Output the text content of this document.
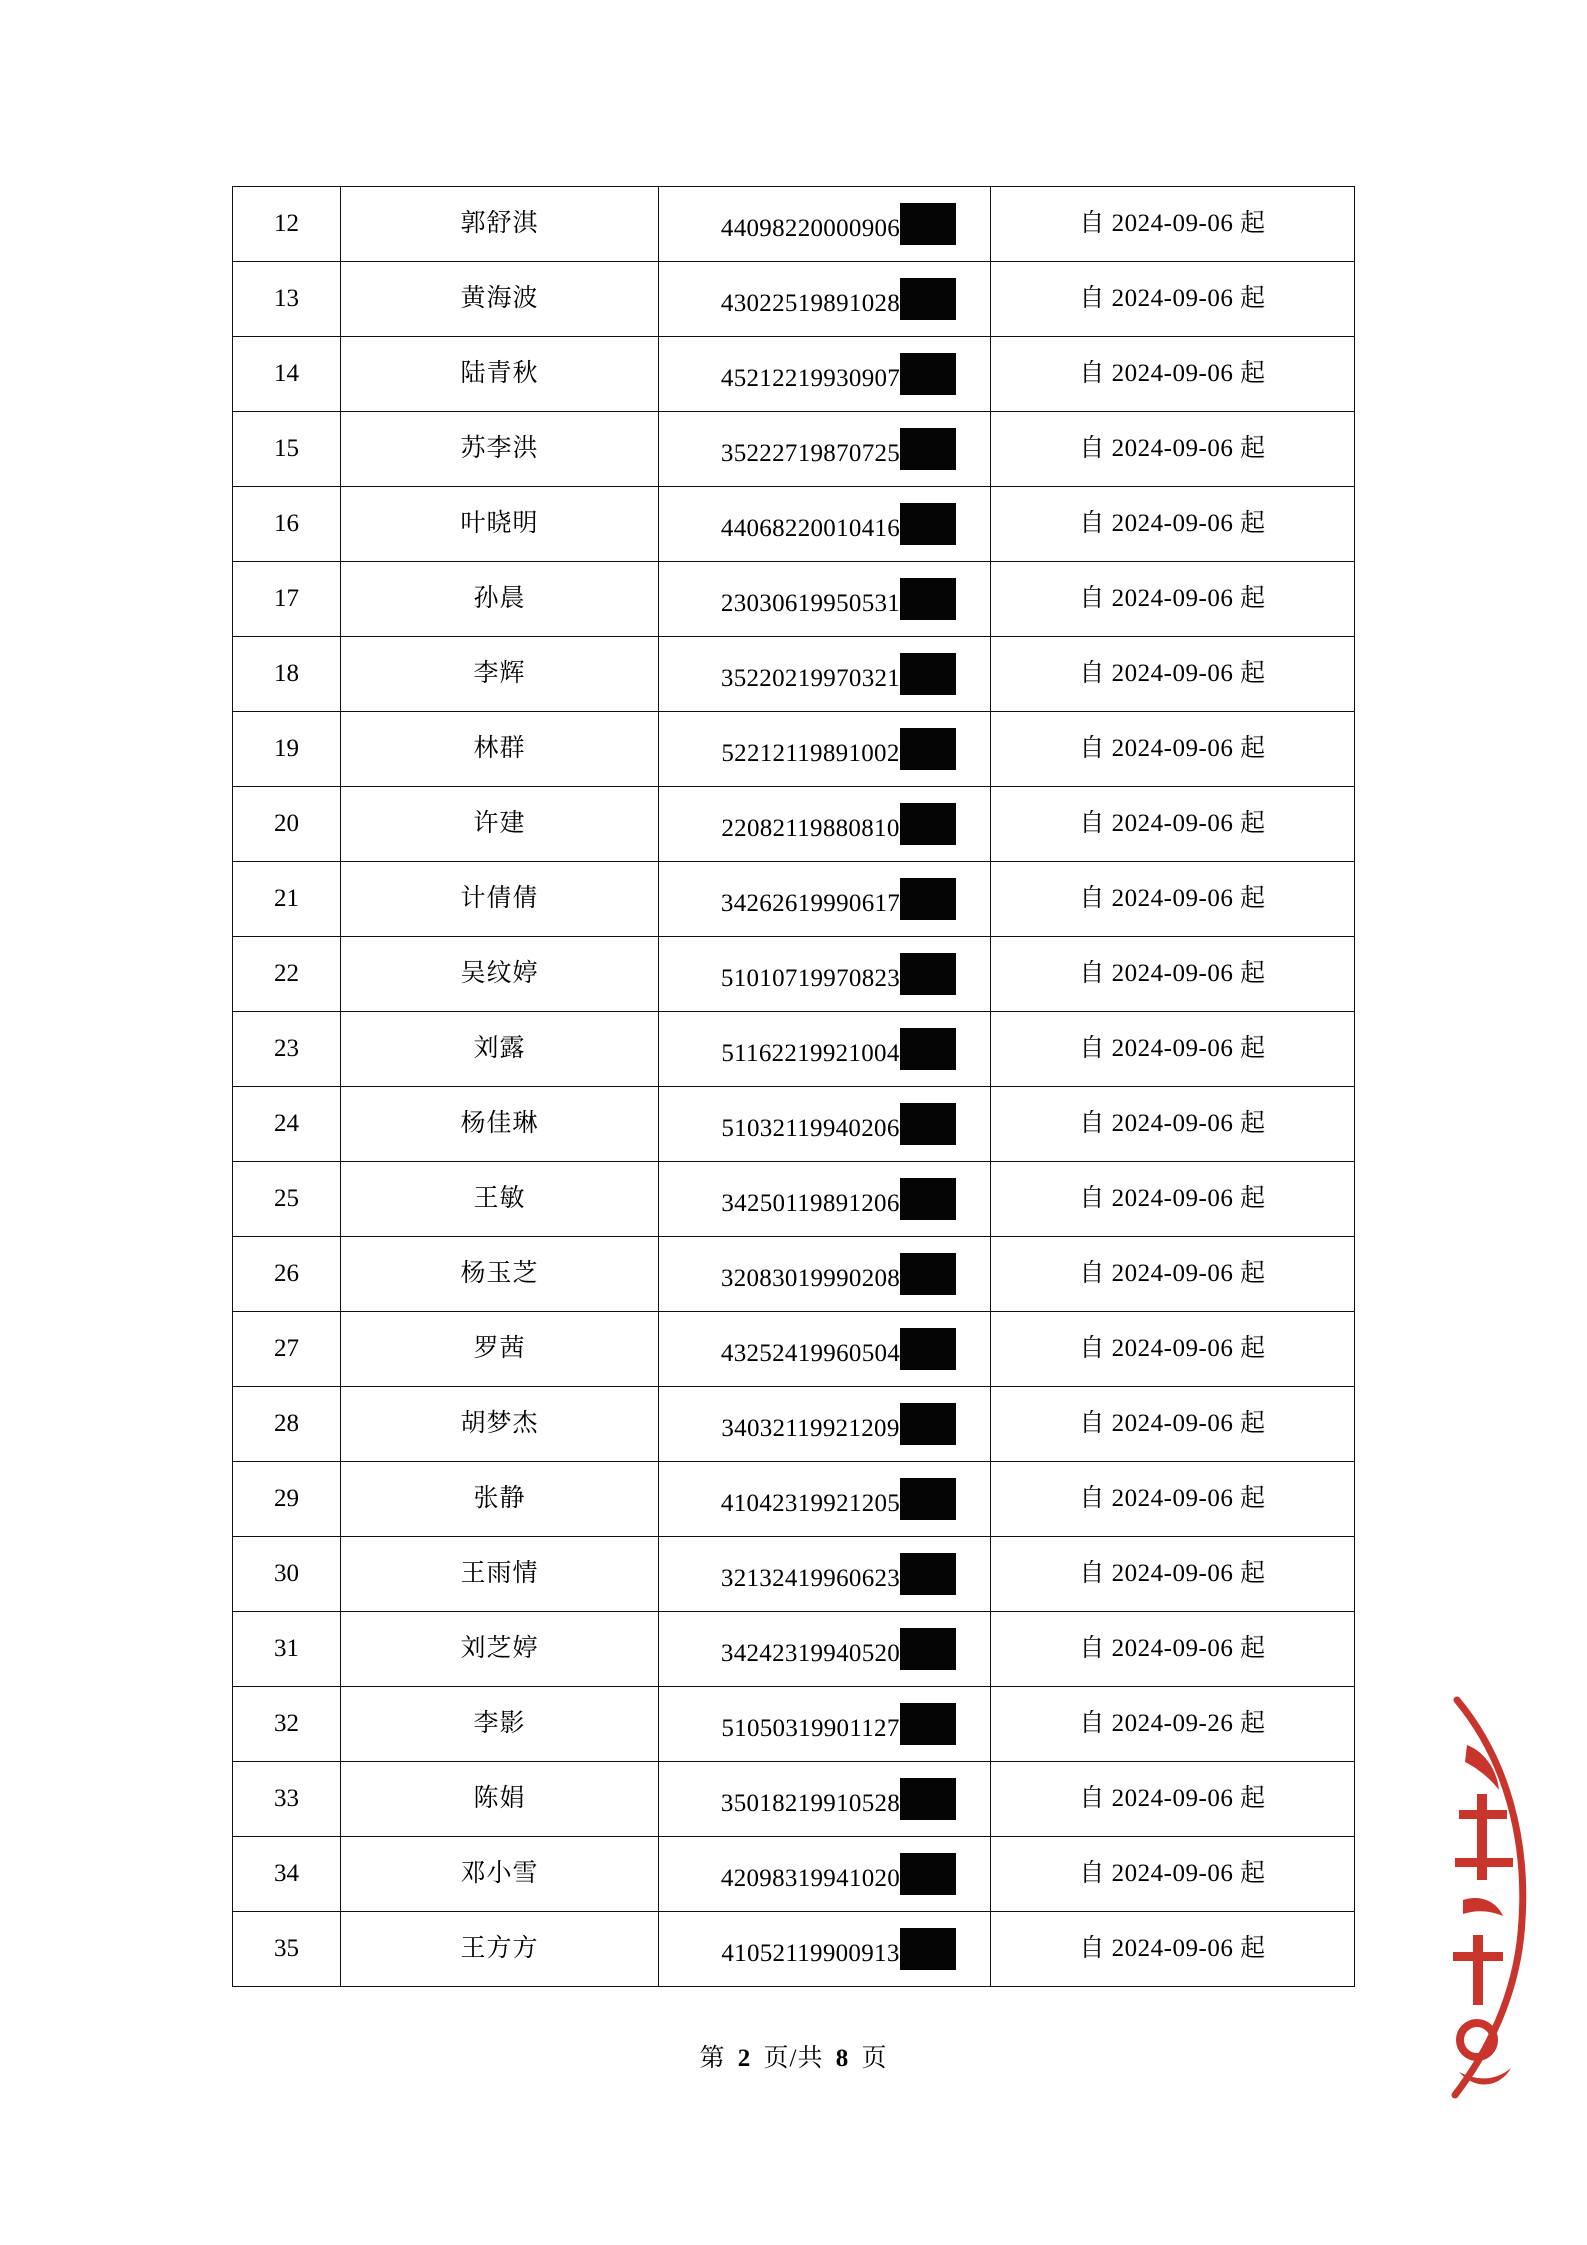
12	郭舒淇	44098220000906	自 2024-09-06 起
13	黄海波	43022519891028	自 2024-09-06 起
14	陆青秋	45212219930907	自 2024-09-06 起
15	苏李洪	35222719870725	自 2024-09-06 起
16	叶晓明	44068220010416	自 2024-09-06 起
17	孙晨	23030619950531	自 2024-09-06 起
18	李辉	35220219970321	自 2024-09-06 起
19	林群	52212119891002	自 2024-09-06 起
20	许建	22082119880810	自 2024-09-06 起
21	计倩倩	34262619990617	自 2024-09-06 起
22	吴纹婷	51010719970823	自 2024-09-06 起
23	刘露	51162219921004	自 2024-09-06 起
24	杨佳琳	51032119940206	自 2024-09-06 起
25	王敏	34250119891206	自 2024-09-06 起
26	杨玉芝	32083019990208	自 2024-09-06 起
27	罗茜	43252419960504	自 2024-09-06 起
28	胡梦杰	34032119921209	自 2024-09-06 起
29	张静	41042319921205	自 2024-09-06 起
30	王雨情	32132419960623	自 2024-09-06 起
31	刘芝婷	34242319940520	自 2024-09-06 起
32	李影	51050319901127	自 2024-09-26 起
33	陈娟	35018219910528	自 2024-09-06 起
34	邓小雪	42098319941020	自 2024-09-06 起
35	王方方	41052119900913	自 2024-09-06 起
第 2 页/共 8 页
